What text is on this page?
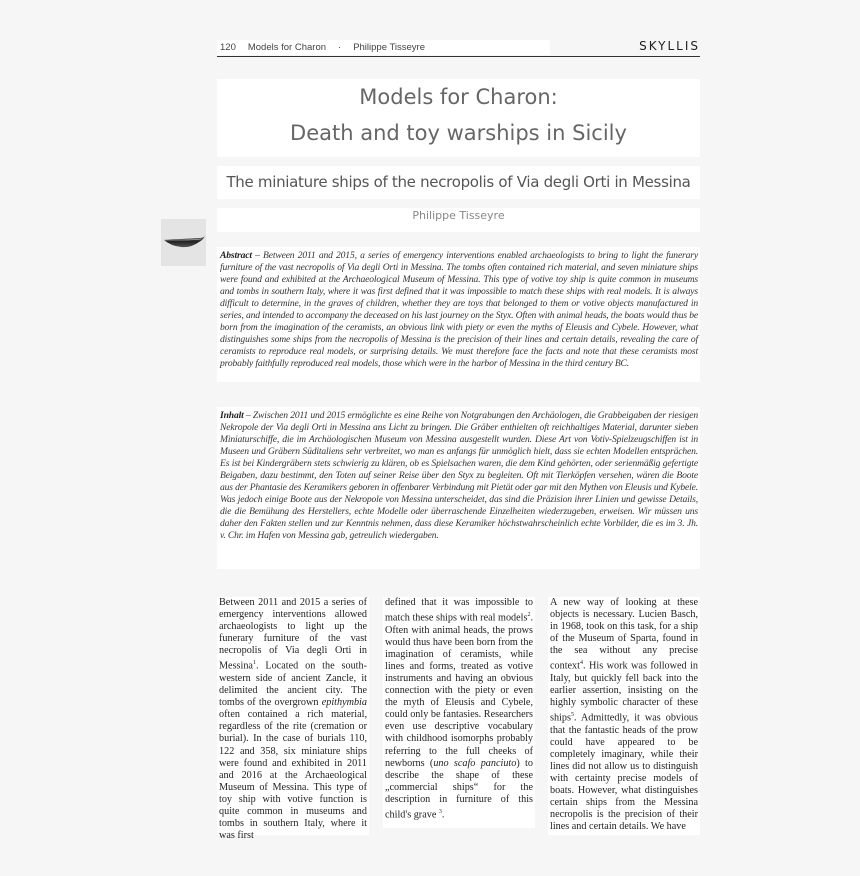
120 Models for Charon · Philippe Tisseyre	SKYLLIS
Models for Charon:
Death and toy warships in Sicily
The miniature ships of the necropolis of Via degli Orti in Messina
Philippe Tisseyre
Abstract – Between 2011 and 2015, a series of emergency interventions enabled archaeologists to bring to light the funerary furniture of the vast necropolis of Via degli Orti in Messina. The tombs often contained rich material, and seven miniature ships were found and exhibited at the Archaeological Museum of Messina. This type of votive toy ship is quite common in museums and tombs in southern Italy, where it was first defined that it was impossible to match these ships with real models. It is always difficult to determine, in the graves of children, whether they are toys that belonged to them or votive objects manufactured in series, and intended to accompany the deceased on his last journey on the Styx. Often with animal heads, the boats would thus be born from the imagination of the ceramists, an obvious link with piety or even the myths of Eleusis and Cybele. However, what distinguishes some ships from the necropolis of Messina is the precision of their lines and certain details, revealing the care of ceramists to reproduce real models, or surprising details. We must therefore face the facts and note that these ceramists most probably faithfully reproduced real models, those which were in the harbor of Messina in the third century BC.
Inhalt – Zwischen 2011 und 2015 ermöglichte es eine Reihe von Notgrabungen den Archäologen, die Grabbeigaben der riesigen Nekropole der Via degli Orti in Messina ans Licht zu bringen. Die Gräber enthielten oft reichhaltiges Material, darunter sieben Miniaturschiffe, die im Archäologischen Museum von Messina ausgestellt wurden. Diese Art von Votiv-Spielzeugschiffen ist in Museen und Gräbern Süditaliens sehr verbreitet, wo man es anfangs für unmöglich hielt, dass sie echten Modellen entsprächen. Es ist bei Kindergräbern stets schwierig zu klären, ob es Spielsachen waren, die dem Kind gehörten, oder serienmäßig gefertigte Beigaben, dazu bestimmt, den Toten auf seiner Reise über den Styx zu begleiten. Oft mit Tierköpfen versehen, wären die Boote aus der Phantasie des Keramikers geboren in offenbarer Verbindung mit Pietät oder gar mit den Mythen von Eleusis und Kybele. Was jedoch einige Boote aus der Nekropole von Messina unterscheidet, das sind die Präzision ihrer Linien und gewisse Details, die die Bemühung des Herstellers, echte Modelle oder überraschende Einzelheiten wiederzugeben, erweisen. Wir müssen uns daher den Fakten stellen und zur Kenntnis nehmen, dass diese Keramiker höchstwahrscheinlich echte Vorbilder, die es im 3. Jh. v. Chr. im Hafen von Messina gab, getreulich wiedergaben.

Between 2011 and 2015 a series of emergency interventions allowed archaeologists to light up the funerary furniture of the vast necropolis of Via degli Orti in Messina$^1$. Located on the south-western side of ancient Zancle, it delimited the ancient city. The tombs of the overgrown epithymbia often contained a rich material, regardless of the rite (cremation or burial). In the case of burials 110, 122 and 358, six miniature ships were found and exhibited in 2011 and 2016 at the Archaeological Museum of Messina. This type of toy ship with votive function is quite common in museums and tombs in southern Italy, where it was first

defined that it was impossible to match these ships with real models$^2$. Often with animal heads, the prows would thus have been born from the imagination of ceramists, while lines and forms, treated as votive instruments and having an obvious connection with the piety or even the myth of Eleusis and Cybele, could only be fantasies. Researchers even use descriptive vocabulary with childhood isomorphs probably referring to the full cheeks of newborns (uno scafo panciuto) to describe the shape of these „commercial ships“ for the description in furniture of this child's grave $^3$.

A new way of looking at these objects is necessary. Lucien Basch, in 1968, took on this task, for a ship of the Museum of Sparta, found in the sea without any precise context$^4$. His work was followed in Italy, but quickly fell back into the earlier assertion, insisting on the highly symbolic character of these ships$^5$. Admittedly, it was obvious that the fantastic heads of the prow could have appeared to be completely imaginary, while their lines did not allow us to distinguish with certainty precise models of boats. However, what distinguishes certain ships from the Messina necropolis is the precision of their lines and certain details. We have
